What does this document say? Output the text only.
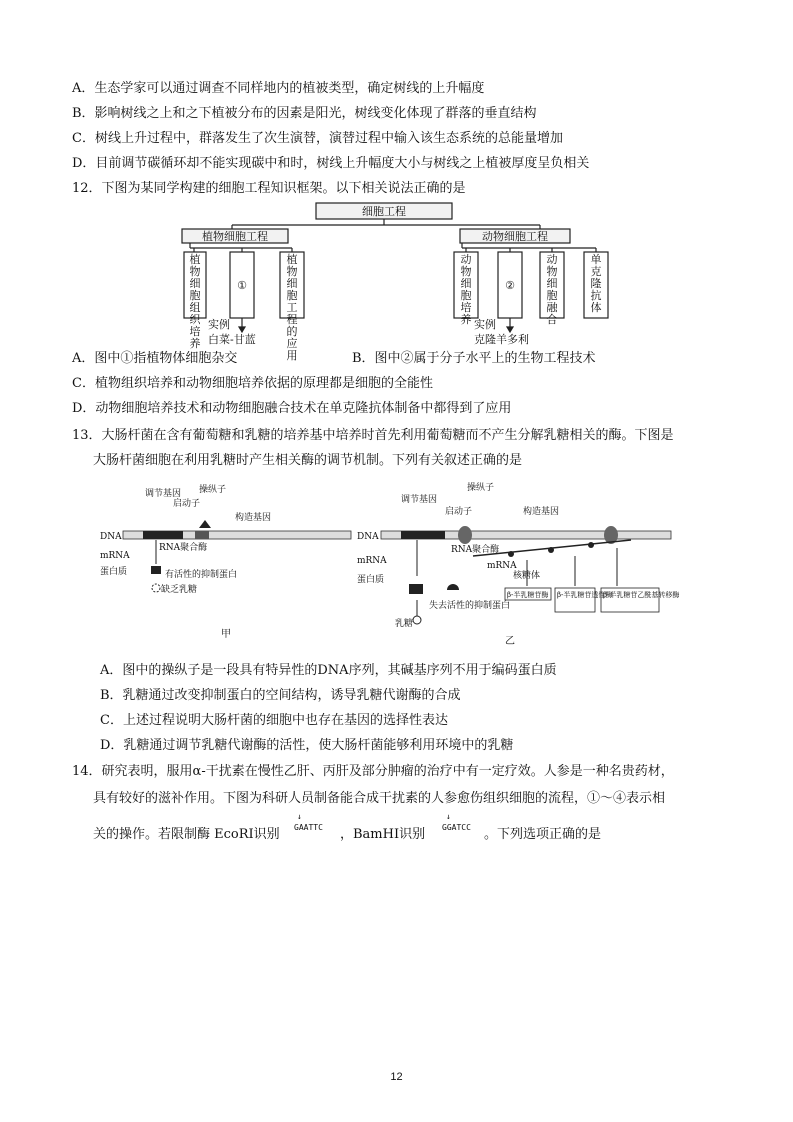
A．生态学家可以通过调查不同样地内的植被类型，确定树线的上升幅度
B．影响树线之上和之下植被分布的因素是阳光，树线变化体现了群落的垂直结构
C．树线上升过程中，群落发生了次生演替，演替过程中输入该生态系统的总能量增加
D．目前调节碳循环却不能实现碳中和时，树线上升幅度大小与树线之上植被厚度呈负相关
12．下图为某同学构建的细胞工程知识框架。以下相关说法正确的是
细胞工程
植物细胞工程	动物细胞工程
植物细胞组织培养
①
植物细胞工程的应用
动物细胞培养
②
动物细胞融合
单克隆抗体
实例
白菜-甘蓝
实例
克隆羊多利
A．图中①指植物体细胞杂交	B．图中②属于分子水平上的生物工程技术
C．植物组织培养和动物细胞培养依据的原理都是细胞的全能性
D．动物细胞培养技术和动物细胞融合技术在单克隆抗体制备中都得到了应用
13．大肠杆菌在含有葡萄糖和乳糖的培养基中培养时首先利用葡萄糖而不产生分解乳糖相关的酶。下图是
大肠杆菌细胞在利用乳糖时产生相关酶的调节机制。下列有关叙述正确的是
DNA
mRNA
蛋白质
调节基因
启动子
操纵子
构造基因
RNA聚合酶
有活性的抑制蛋白
缺乏乳糖
甲
DNA
mRNA
蛋白质
调节基因
启动子
操纵子
构造基因
RNA聚合酶
mRNA
核糖体
乳糖
失去活性的抑制蛋白
乙
β-半乳糖苷酶 β-半乳糖苷透性酶
β-半乳糖苷乙酰基转移酶
A．图中的操纵子是一段具有特异性的DNA序列，其碱基序列不用于编码蛋白质
B．乳糖通过改变抑制蛋白的空间结构，诱导乳糖代谢酶的合成
C．上述过程说明大肠杆菌的细胞中也存在基因的选择性表达
D．乳糖通过调节乳糖代谢酶的活性，使大肠杆菌能够利用环境中的乳糖
14．研究表明，服用α-干扰素在慢性乙肝、丙肝及部分肿瘤的治疗中有一定疗效。人参是一种名贵药材，
具有较好的滋补作用。下图为科研人员制备能合成干扰素的人参愈伤组织细胞的流程，①～④表示相
关的操作。若限制酶 EcoRⅠ识别
↓
GAATTC ，BamHⅠ识别
↓
GGATCC 。下列选项正确的是
12
